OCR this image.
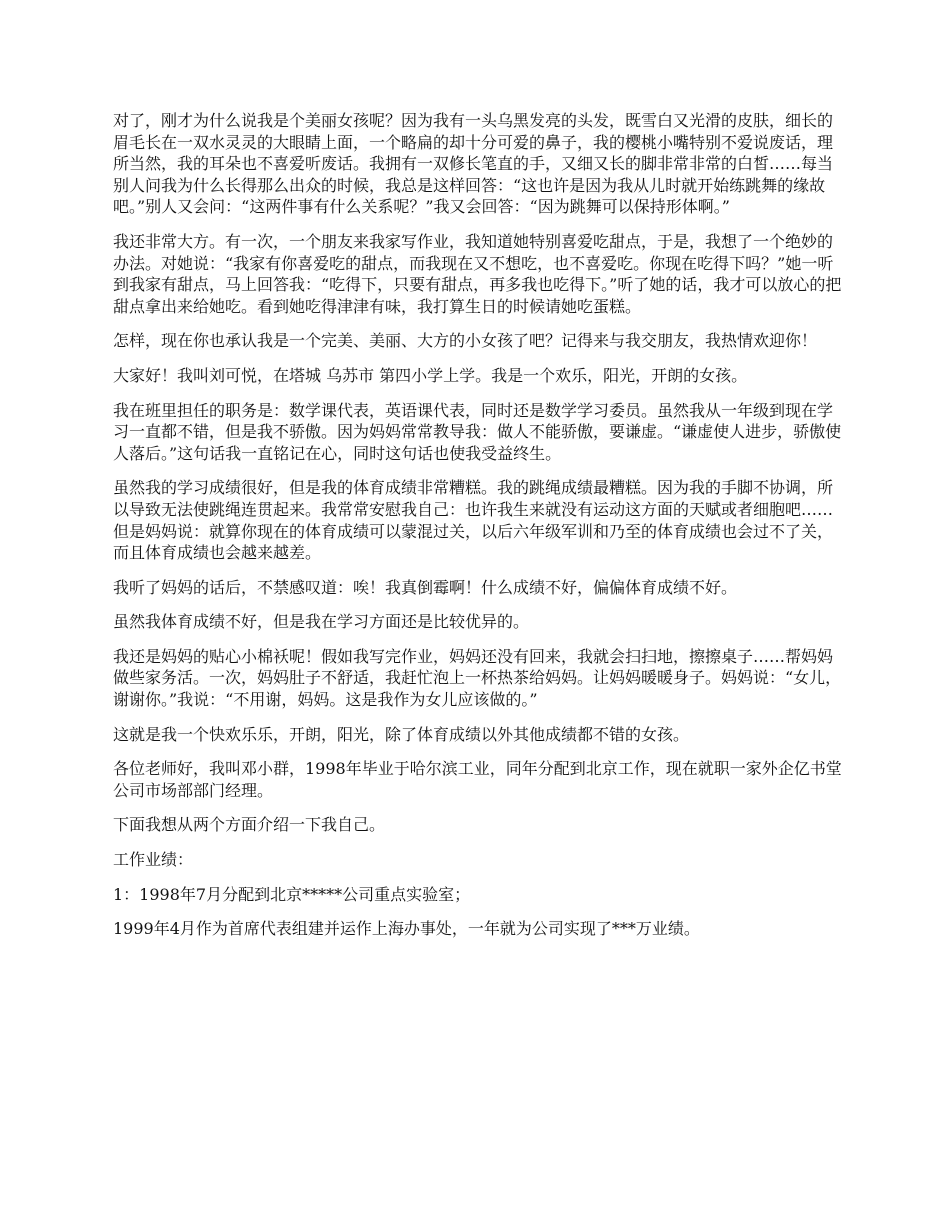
对了，刚才为什么说我是个美丽女孩呢？因为我有一头乌黑发亮的头发，既雪白又光滑的皮肤，细长的眉毛长在一双水灵灵的大眼睛上面，一个略扁的却十分可爱的鼻子，我的樱桃小嘴特别不爱说废话，理所当然，我的耳朵也不喜爱听废话。我拥有一双修长笔直的手，又细又长的脚非常非常的白皙……每当别人问我为什么长得那么出众的时候，我总是这样回答：“这也许是因为我从儿时就开始练跳舞的缘故吧。”别人又会问：“这两件事有什么关系呢？”我又会回答：“因为跳舞可以保持形体啊。”

我还非常大方。有一次，一个朋友来我家写作业，我知道她特别喜爱吃甜点，于是，我想了一个绝妙的办法。对她说：“我家有你喜爱吃的甜点，而我现在又不想吃，也不喜爱吃。你现在吃得下吗？”她一听到我家有甜点，马上回答我：“吃得下，只要有甜点，再多我也吃得下。”听了她的话，我才可以放心的把甜点拿出来给她吃。看到她吃得津津有味，我打算生日的时候请她吃蛋糕。

怎样，现在你也承认我是一个完美、美丽、大方的小女孩了吧？记得来与我交朋友，我热情欢迎你！

大家好！我叫刘可悦，在塔城 乌苏市 第四小学上学。我是一个欢乐，阳光，开朗的女孩。

我在班里担任的职务是：数学课代表，英语课代表，同时还是数学学习委员。虽然我从一年级到现在学习一直都不错，但是我不骄傲。因为妈妈常常教导我：做人不能骄傲，要谦虚。“谦虚使人进步，骄傲使人落后。”这句话我一直铭记在心，同时这句话也使我受益终生。

虽然我的学习成绩很好，但是我的体育成绩非常糟糕。我的跳绳成绩最糟糕。因为我的手脚不协调，所以导致无法使跳绳连贯起来。我常常安慰我自己：也许我生来就没有运动这方面的天赋或者细胞吧……但是妈妈说：就算你现在的体育成绩可以蒙混过关，以后六年级军训和乃至的体育成绩也会过不了关，而且体育成绩也会越来越差。

我听了妈妈的话后，不禁感叹道：唉！我真倒霉啊！什么成绩不好，偏偏体育成绩不好。

虽然我体育成绩不好，但是我在学习方面还是比较优异的。

我还是妈妈的贴心小棉袄呢！假如我写完作业，妈妈还没有回来，我就会扫扫地，擦擦桌子……帮妈妈做些家务活。一次，妈妈肚子不舒适，我赶忙泡上一杯热茶给妈妈。让妈妈暖暖身子。妈妈说：“女儿，谢谢你。”我说：“不用谢，妈妈。这是我作为女儿应该做的。”

这就是我一个快欢乐乐，开朗，阳光，除了体育成绩以外其他成绩都不错的女孩。

各位老师好，我叫邓小群，1998年毕业于哈尔滨工业，同年分配到北京工作，现在就职一家外企亿书堂公司市场部部门经理。

下面我想从两个方面介绍一下我自己。

工作业绩：

1：1998年7月分配到北京*****公司重点实验室；

1999年4月作为首席代表组建并运作上海办事处，一年就为公司实现了***万业绩。
